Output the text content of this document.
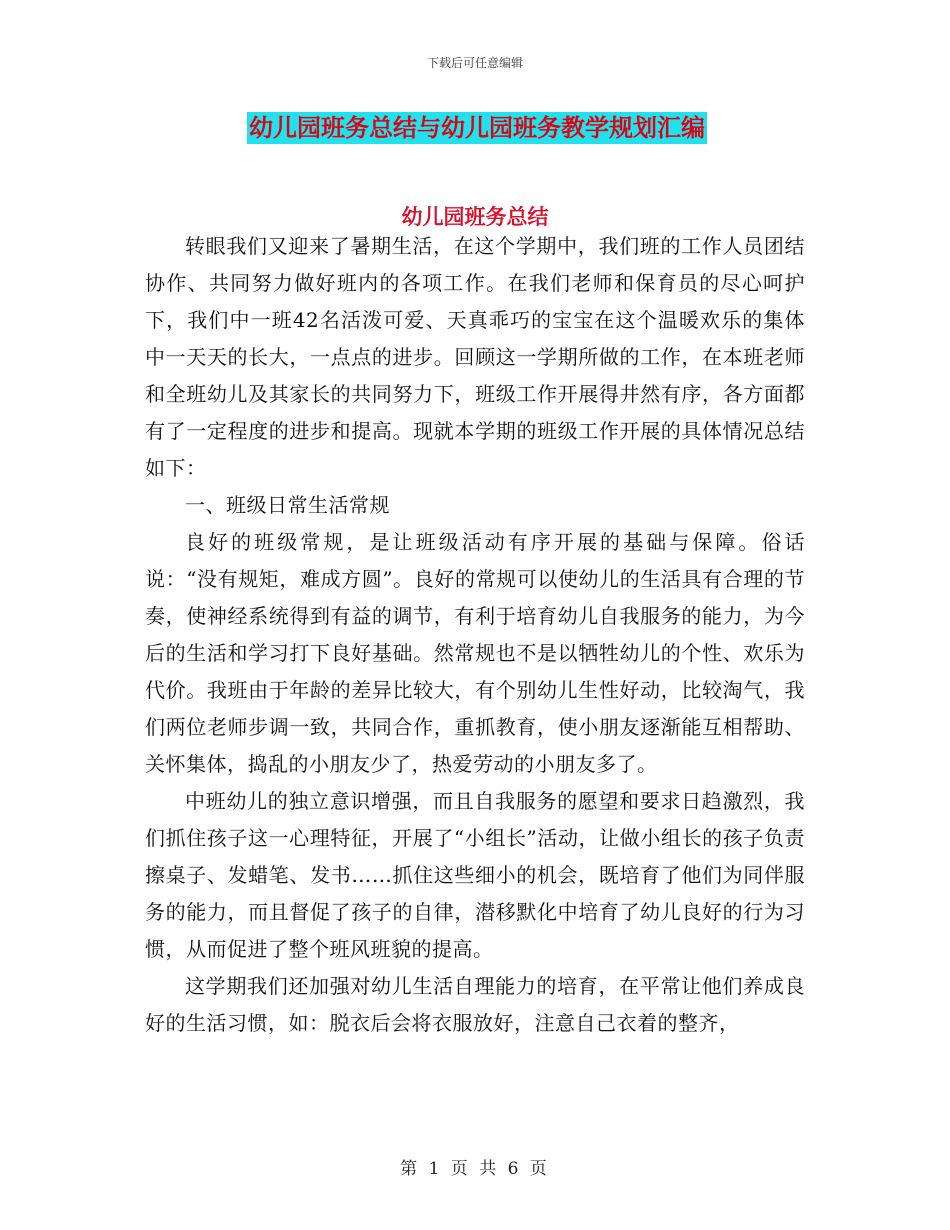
下载后可任意编辑
幼儿园班务总结与幼儿园班务教学规划汇编
幼儿园班务总结

转眼我们又迎来了暑期生活，在这个学期中，我们班的工作人员团结协作、共同努力做好班内的各项工作。在我们老师和保育员的尽心呵护下，我们中一班42名活泼可爱、天真乖巧的宝宝在这个温暖欢乐的集体中一天天的长大，一点点的进步。回顾这一学期所做的工作，在本班老师和全班幼儿及其家长的共同努力下，班级工作开展得井然有序，各方面都有了一定程度的进步和提高。现就本学期的班级工作开展的具体情况总结如下：

一、班级日常生活常规

良好的班级常规，是让班级活动有序开展的基础与保障。俗话说：“没有规矩，难成方圆”。良好的常规可以使幼儿的生活具有合理的节奏，使神经系统得到有益的调节，有利于培育幼儿自我服务的能力，为今后的生活和学习打下良好基础。然常规也不是以牺牲幼儿的个性、欢乐为代价。我班由于年龄的差异比较大，有个别幼儿生性好动，比较淘气，我们两位老师步调一致，共同合作，重抓教育，使小朋友逐渐能互相帮助、关怀集体，捣乱的小朋友少了，热爱劳动的小朋友多了。

中班幼儿的独立意识增强，而且自我服务的愿望和要求日趋激烈，我们抓住孩子这一心理特征，开展了“小组长”活动，让做小组长的孩子负责擦桌子、发蜡笔、发书……抓住这些细小的机会，既培育了他们为同伴服务的能力，而且督促了孩子的自律，潜移默化中培育了幼儿良好的行为习惯，从而促进了整个班风班貌的提高。

这学期我们还加强对幼儿生活自理能力的培育，在平常让他们养成良好的生活习惯，如：脱衣后会将衣服放好，注意自己衣着的整齐，

第 1 页 共 6 页
